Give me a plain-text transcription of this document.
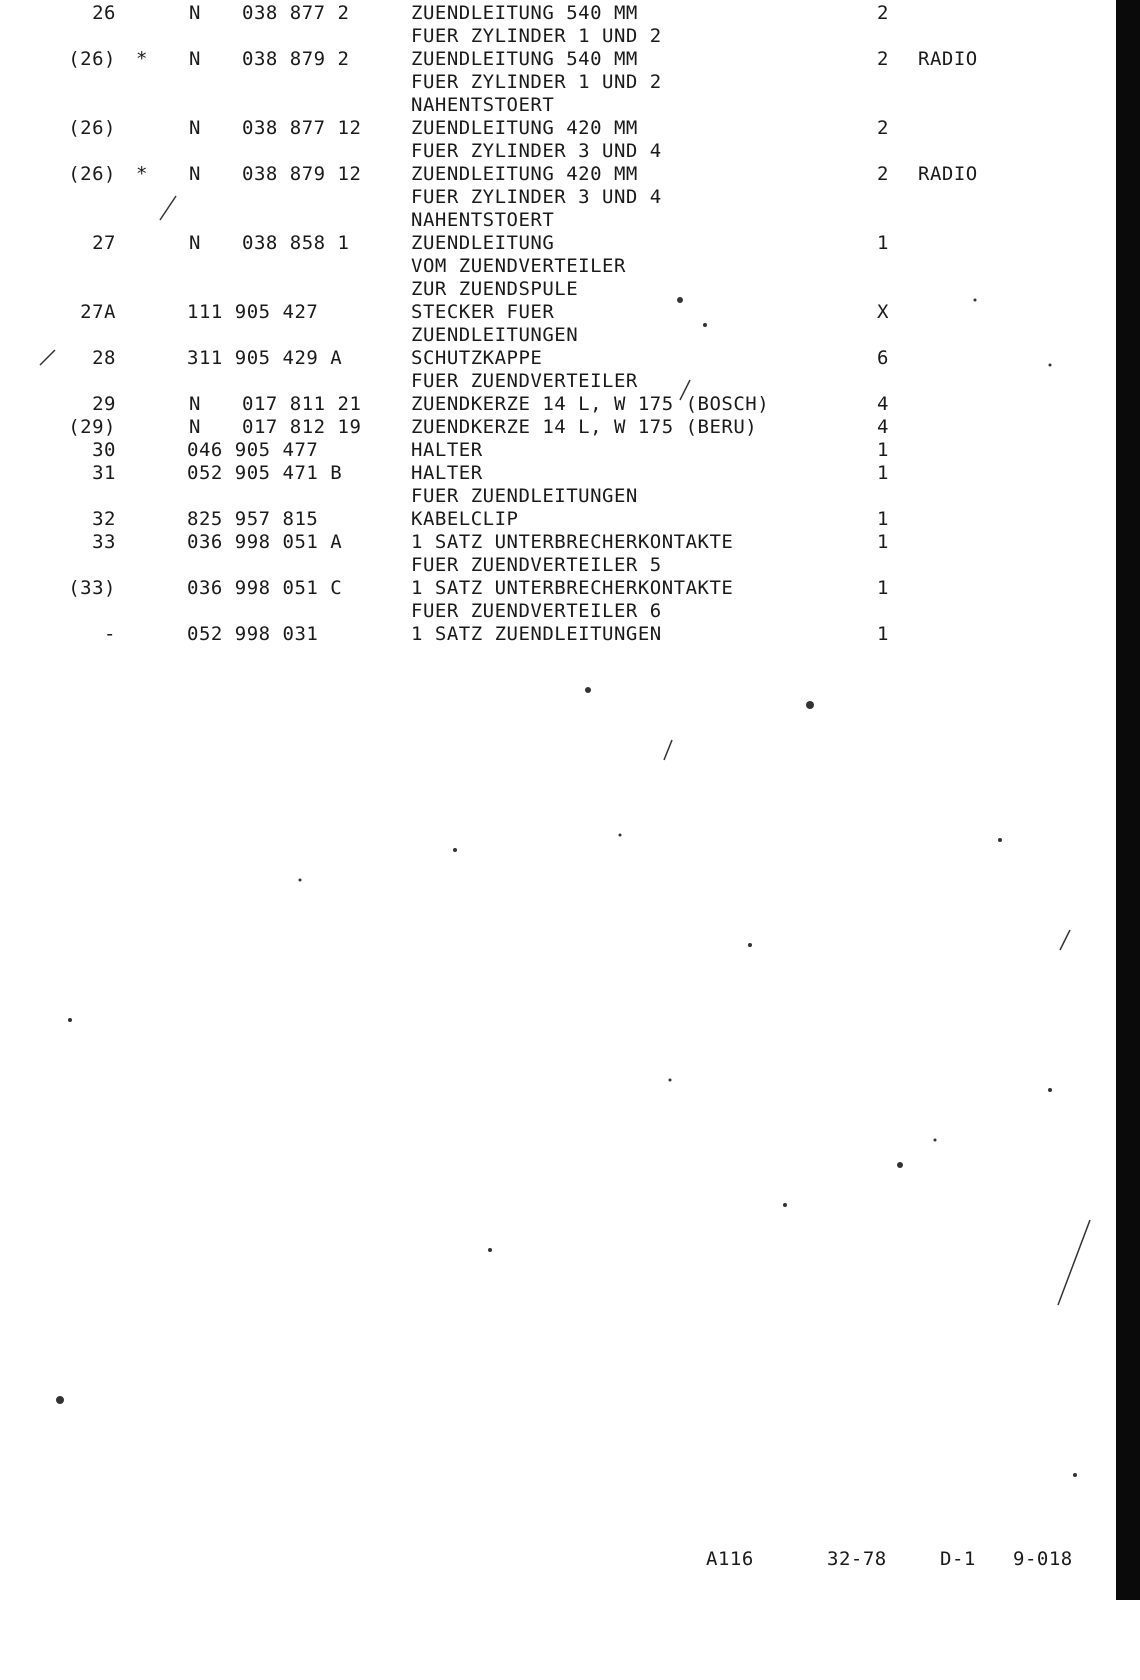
26	N 038 877 2	ZUENDLEITUNG 540 MM	2
FUER ZYLINDER 1 UND 2
(26) * N 038 879 2	ZUENDLEITUNG 540 MM	2 RADIO
FUER ZYLINDER 1 UND 2
NAHENTSTOERT
(26)	N 038 877 12	ZUENDLEITUNG 420 MM	2
FUER ZYLINDER 3 UND 4
(26) * N 038 879 12	ZUENDLEITUNG 420 MM	2 RADIO
FUER ZYLINDER 3 UND 4
NAHENTSTOERT
27	N 038 858 1	ZUENDLEITUNG	1
VOM ZUENDVERTEILER
ZUR ZUENDSPULE
27A	111 905 427	STECKER FUER	X
ZUENDLEITUNGEN
28	311 905 429 A	SCHUTZKAPPE	6
FUER ZUENDVERTEILER
29	N 017 811 21	ZUENDKERZE 14 L, W 175 (BOSCH)	4
(29)	N 017 812 19	ZUENDKERZE 14 L, W 175 (BERU)	4
30	046 905 477	HALTER	1
31	052 905 471 B	HALTER	1
FUER ZUENDLEITUNGEN
32	825 957 815	KABELCLIP	1
33	036 998 051 A	1 SATZ UNTERBRECHERKONTAKTE	1
FUER ZUENDVERTEILER 5
(33)	036 998 051 C	1 SATZ UNTERBRECHERKONTAKTE	1
FUER ZUENDVERTEILER 6
-	052 998 031	1 SATZ ZUENDLEITUNGEN	1

A116

	32-78

	D-1

9-018
